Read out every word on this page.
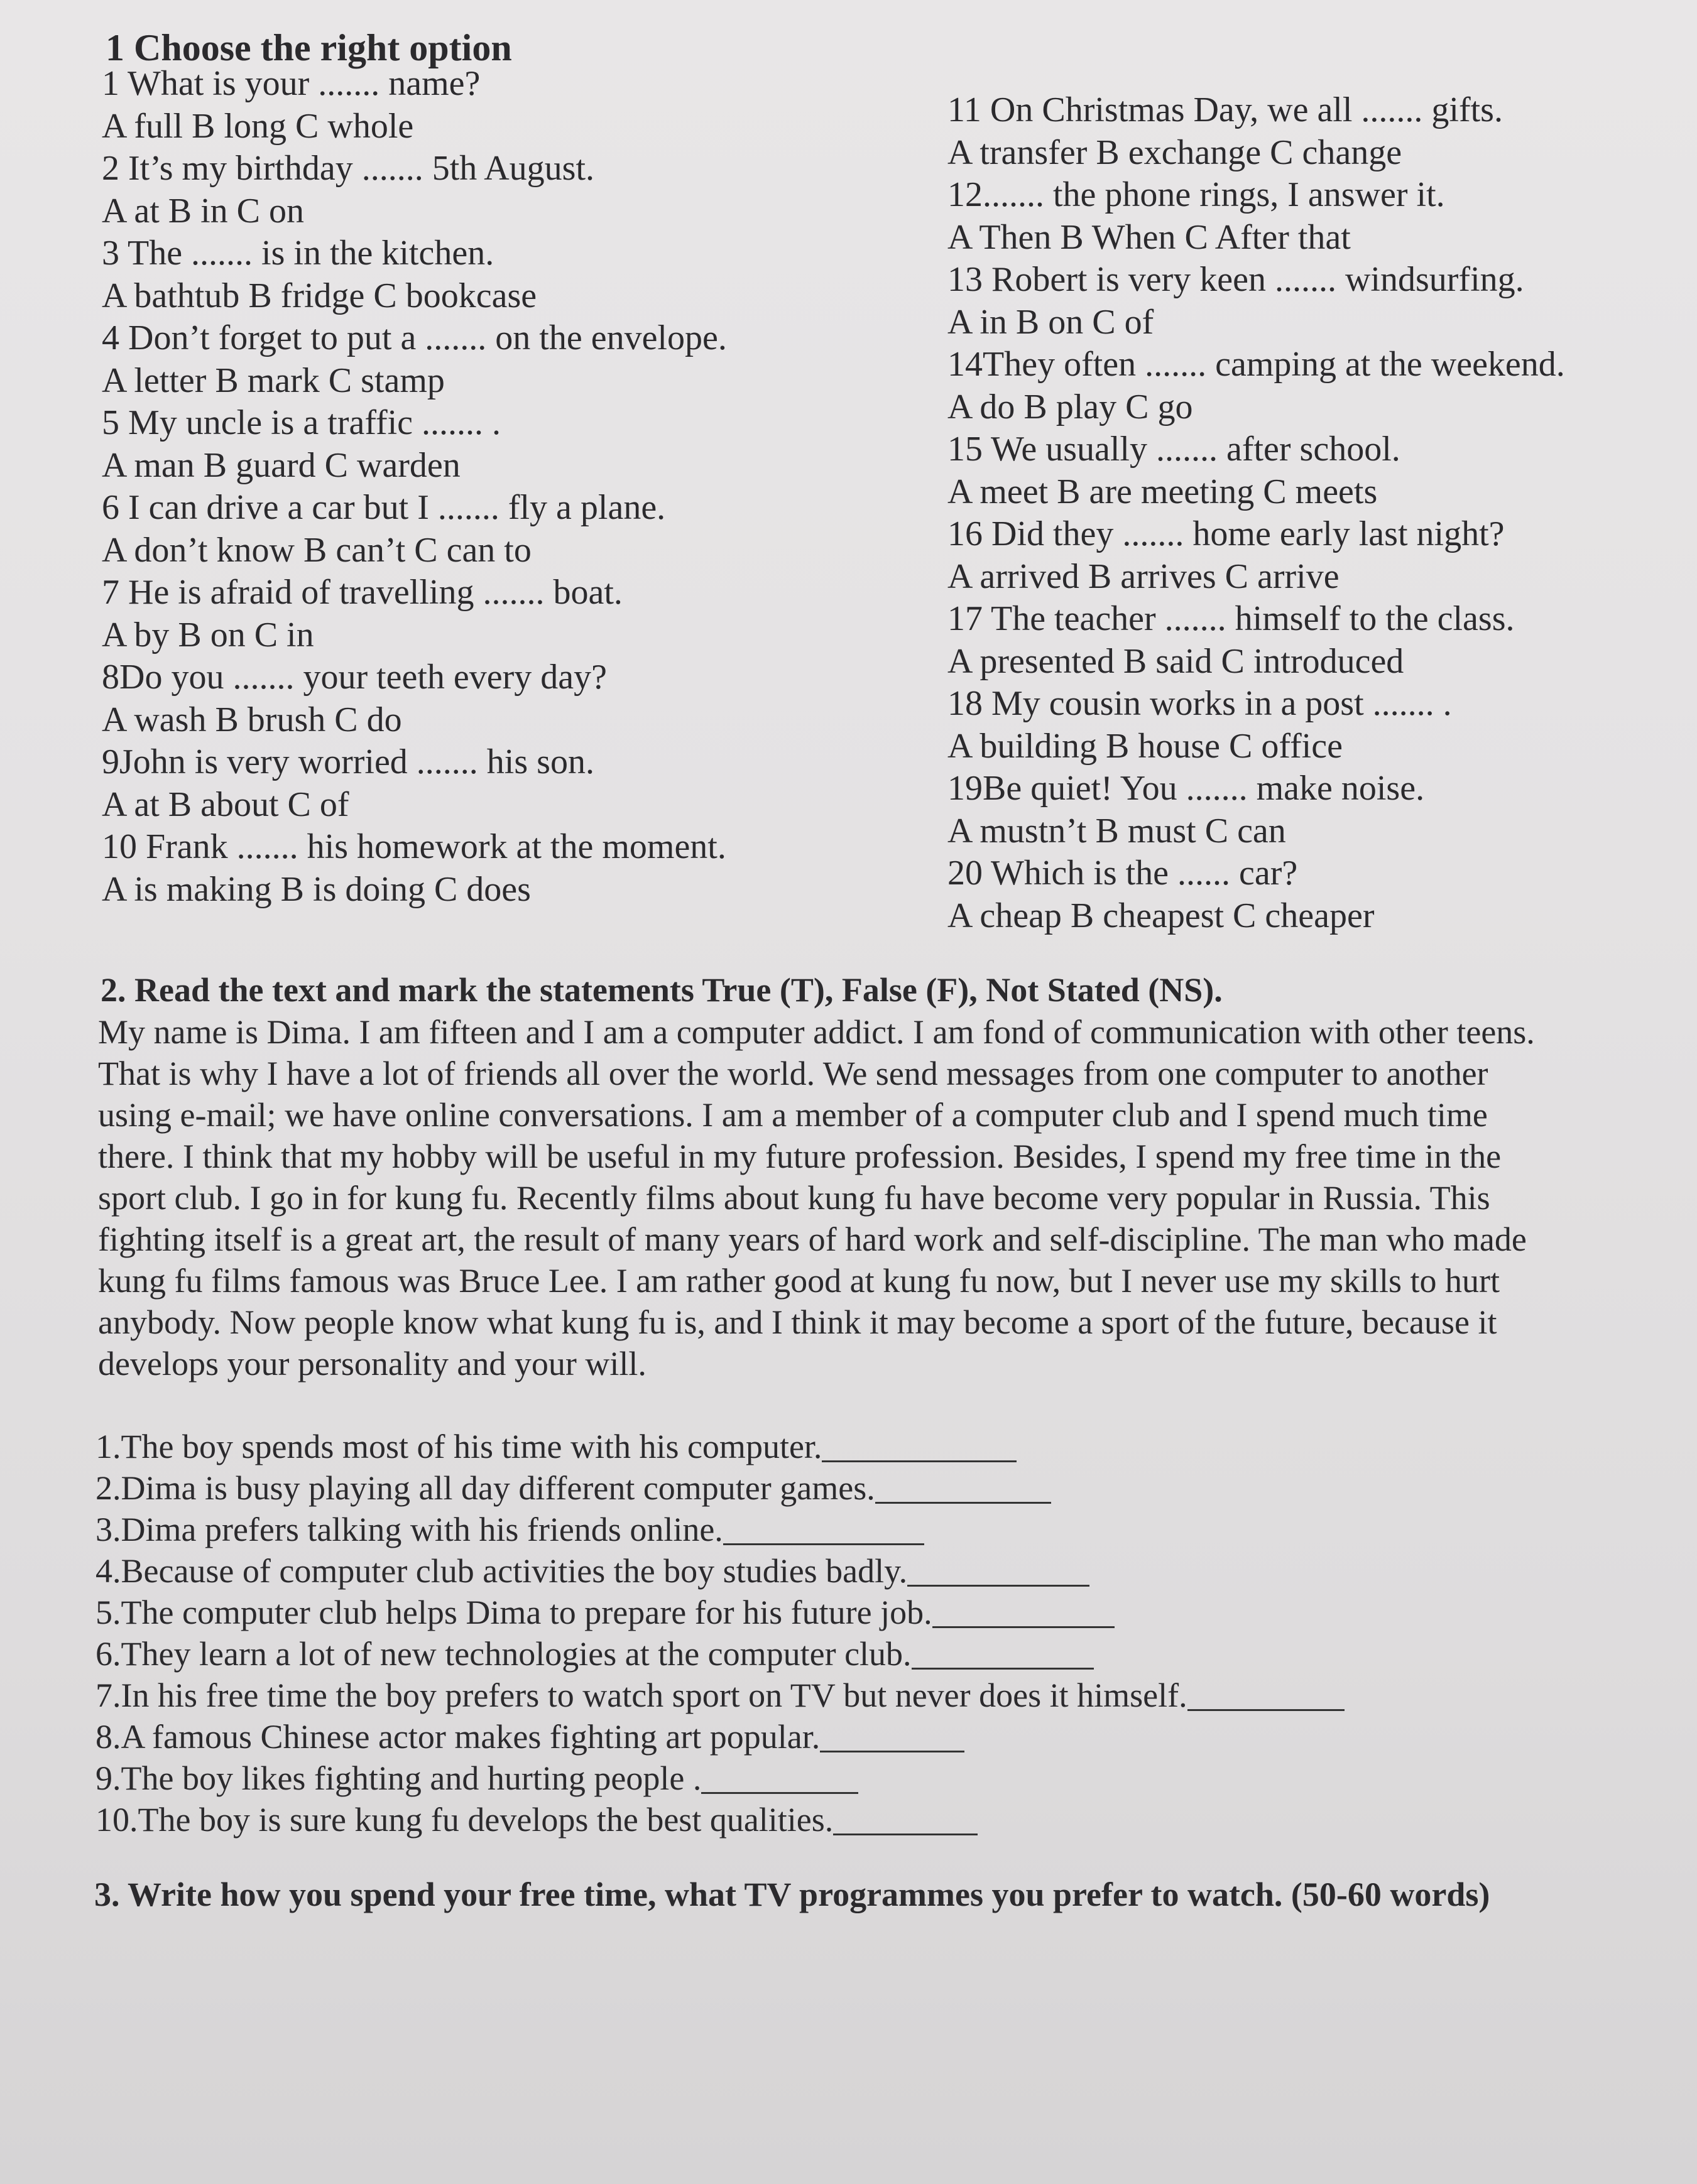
1 Choose the right option
1 What is your ....... name?
A full B long C whole
2 It’s my birthday ....... 5th August.
A at B in C on
3 The ....... is in the kitchen.
A bathtub B fridge C bookcase
4 Don’t forget to put a ....... on the envelope.
A letter B mark C stamp
5 My uncle is a traffic ....... .
A man B guard C warden
6 I can drive a car but I ....... fly a plane.
A don’t know B can’t C can to
7 He is afraid of travelling ....... boat.
A by B on C in
8Do you ....... your teeth every day?
A wash B brush C do
9John is very worried ....... his son.
A at B about C of
10 Frank ....... his homework at the moment.
A is making B is doing C does
11 On Christmas Day, we all ....... gifts.
A transfer B exchange C change
12....... the phone rings, I answer it.
A Then B When C After that
13 Robert is very keen ....... windsurfing.
A in B on C of
14They often ....... camping at the weekend.
A do B play C go
15 We usually ....... after school.
A meet B are meeting C meets
16 Did they ....... home early last night?
A arrived B arrives C arrive
17 The teacher ....... himself to the class.
A presented B said C introduced
18 My cousin works in a post ....... .
A building B house C office
19Be quiet! You ....... make noise.
A mustn’t B must C can
20 Which is the ...... car?
A cheap B cheapest C cheaper
2. Read the text and mark the statements True (T), False (F), Not Stated (NS).
My name is Dima. I am fifteen and I am a computer addict. I am fond of communication with other teens.
That is why I have a lot of friends all over the world. We send messages from one computer to another
using e-mail; we have online conversations. I am a member of a computer club and I spend much time
there. I think that my hobby will be useful in my future profession. Besides, I spend my free time in the
sport club. I go in for kung fu. Recently films about kung fu have become very popular in Russia. This
fighting itself is a great art, the result of many years of hard work and self-discipline. The man who made
kung fu films famous was Bruce Lee. I am rather good at kung fu now, but I never use my skills to hurt
anybody. Now people know what kung fu is, and I think it may become a sport of the future, because it
develops your personality and your will.
1.The boy spends most of his time with his computer.
2.Dima is busy playing all day different computer games.
3.Dima prefers talking with his friends online.
4.Because of computer club activities the boy studies badly.
5.The computer club helps Dima to prepare for his future job.
6.They learn a lot of new technologies at the computer club.
7.In his free time the boy prefers to watch sport on TV but never does it himself.
8.A famous Chinese actor makes fighting art popular.
9.The boy likes fighting and hurting people .
10.The boy is sure kung fu develops the best qualities.
3. Write how you spend your free time, what TV programmes you prefer to watch. (50-60 words)
